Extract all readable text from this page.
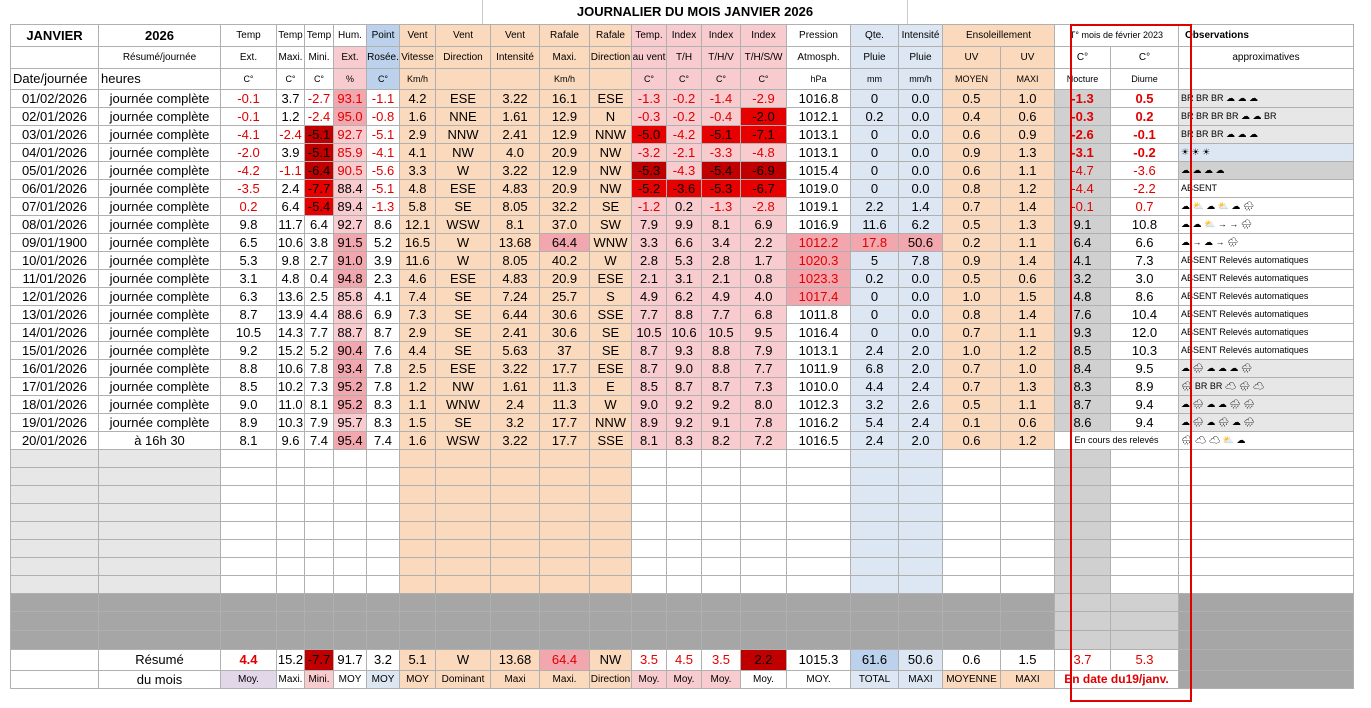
JOURNALIER DU MOIS JANVIER 2026
JANVIER	2026	Temp	Temp	Temp	Hum.	Point	Vent	Vent	Vent	Rafale	Rafale	Temp.	Index	Index	Index	Pression	Qte.	Intensité	Ensoleillement		T° mois de février 2023		Observations
	Résumé/journée	Ext.	Maxi.	Mini.	Ext.	Rosée.	Vitesse	Direction	Intensité	Maxi.	Direction	au vent	T/H	T/H/V	T/H/S/W	Atmosph.	Pluie	Pluie	UV	UV	C°	C°	approximatives
Date/journée	heures	C°	C°	C°	%	C°	Km/h			Km/h		C°	C°	C°	C°	hPa	mm	mm/h	MOYEN	MAXI	Nocture	Diurne	
01/02/2026	journée complète	-0.1	3.7	-2.7	93.1	-1.1	4.2	ESE	3.22	16.1	ESE	-1.3	-0.2	-1.4	-2.9	1016.8	0	0.0	0.5	1.0	-1.3	0.5	BR BR BR ☁ ☁ ☁
02/01/2026	journée complète	-0.1	1.2	-2.4	95.0	-0.8	1.6	NNE	1.61	12.9	N	-0.3	-0.2	-0.4	-2.0	1012.1	0.2	0.0	0.4	0.6	-0.3	0.2	BR BR BR BR ☁ ☁ BR
03/01/2026	journée complète	-4.1	-2.4	-5.1	92.7	-5.1	2.9	NNW	2.41	12.9	NNW	-5.0	-4.2	-5.1	-7.1	1013.1	0	0.0	0.6	0.9	-2.6	-0.1	BR BR BR ☁ ☁ ☁
04/01/2026	journée complète	-2.0	3.9	-5.1	85.9	-4.1	4.1	NW	4.0	20.9	NW	-3.2	-2.1	-3.3	-4.8	1013.1	0	0.0	0.9	1.3	-3.1	-0.2	☀ ☀ ☀
05/01/2026	journée complète	-4.2	-1.1	-6.4	90.5	-5.6	3.3	W	3.22	12.9	NW	-5.3	-4.3	-5.4	-6.9	1015.4	0	0.0	0.6	1.1	-4.7	-3.6	☁ ☁ ☁ ☁
06/01/2026	journée complète	-3.5	2.4	-7.7	88.4	-5.1	4.8	ESE	4.83	20.9	NW	-5.2	-3.6	-5.3	-6.7	1019.0	0	0.0	0.8	1.2	-4.4	-2.2	ABSENT
07/01/2026	journée complète	0.2	6.4	-5.4	89.4	-1.3	5.8	SE	8.05	32.2	SE	-1.2	0.2	-1.3	-2.8	1019.1	2.2	1.4	0.7	1.4	-0.1	0.7	☁ ⛅ ☁ ⛅ ☁ 🌧
08/01/2026	journée complète	9.8	11.7	6.4	92.7	8.6	12.1	WSW	8.1	37.0	SW	7.9	9.9	8.1	6.9	1016.9	11.6	6.2	0.5	1.3	9.1	10.8	☁ ☁ ⛅ → → 🌧
09/01/1900	journée complète	6.5	10.6	3.8	91.5	5.2	16.5	W	13.68	64.4	WNW	3.3	6.6	3.4	2.2	1012.2	17.8	50.6	0.2	1.1	6.4	6.6	☁ → ☁ → 🌧
10/01/2026	journée complète	5.3	9.8	2.7	91.0	3.9	11.6	W	8.05	40.2	W	2.8	5.3	2.8	1.7	1020.3	5	7.8	0.9	1.4	4.1	7.3	ABSENT Relevés automatiques
11/01/2026	journée complète	3.1	4.8	0.4	94.8	2.3	4.6	ESE	4.83	20.9	ESE	2.1	3.1	2.1	0.8	1023.3	0.2	0.0	0.5	0.6	3.2	3.0	ABSENT Relevés automatiques
12/01/2026	journée complète	6.3	13.6	2.5	85.8	4.1	7.4	SE	7.24	25.7	S	4.9	6.2	4.9	4.0	1017.4	0	0.0	1.0	1.5	4.8	8.6	ABSENT Relevés automatiques
13/01/2026	journée complète	8.7	13.9	4.4	88.6	6.9	7.3	SE	6.44	30.6	SSE	7.7	8.8	7.7	6.8	1011.8	0	0.0	0.8	1.4	7.6	10.4	ABSENT Relevés automatiques
14/01/2026	journée complète	10.5	14.3	7.7	88.7	8.7	2.9	SE	2.41	30.6	SE	10.5	10.6	10.5	9.5	1016.4	0	0.0	0.7	1.1	9.3	12.0	ABSENT Relevés automatiques
15/01/2026	journée complète	9.2	15.2	5.2	90.4	7.6	4.4	SE	5.63	37	SE	8.7	9.3	8.8	7.9	1013.1	2.4	2.0	1.0	1.2	8.5	10.3	ABSENT Relevés automatiques
16/01/2026	journée complète	8.8	10.6	7.8	93.4	7.8	2.5	ESE	3.22	17.7	ESE	8.7	9.0	8.8	7.7	1011.9	6.8	2.0	0.7	1.0	8.4	9.5	☁ 🌧 ☁ ☁ ☁ 🌧
17/01/2026	journée complète	8.5	10.2	7.3	95.2	7.8	1.2	NW	1.61	11.3	E	8.5	8.7	8.7	7.3	1010.0	4.4	2.4	0.7	1.3	8.3	8.9	🌧 BR BR ☁ 🌧 ☁
18/01/2026	journée complète	9.0	11.0	8.1	95.2	8.3	1.1	WNW	2.4	11.3	W	9.0	9.2	9.2	8.0	1012.3	3.2	2.6	0.5	1.1	8.7	9.4	☁ 🌧 ☁ ☁ 🌧 🌧
19/01/2026	journée complète	8.9	10.3	7.9	95.7	8.3	1.5	SE	3.2	17.7	NNW	8.9	9.2	9.1	7.8	1016.2	5.4	2.4	0.1	0.6	8.6	9.4	☁ 🌧 ☁ 🌧 ☁ 🌧
20/01/2026	à 16h 30	8.1	9.6	7.4	95.4	7.4	1.6	WSW	3.22	17.7	SSE	8.1	8.3	8.2	7.2	1016.5	2.4	2.0	0.6	1.2	En cours des relevés		🌧 ☁ ☁ ⛅ ☁

	Résumé	4.4	15.2	-7.7	91.7	3.2	5.1	W	13.68	64.4	NW	3.5	4.5	3.5	2.2	1015.3	61.6	50.6	0.6	1.5	3.7	5.3	
	du mois	Moy.	Maxi.	Mini.	MOY	MOY	MOY	Dominant	Maxi	Maxi.	Direction	Moy.	Moy.	Moy.	Moy.	MOY.	TOTAL	MAXI	MOYENNE	MAXI	En date du19/janv.		
